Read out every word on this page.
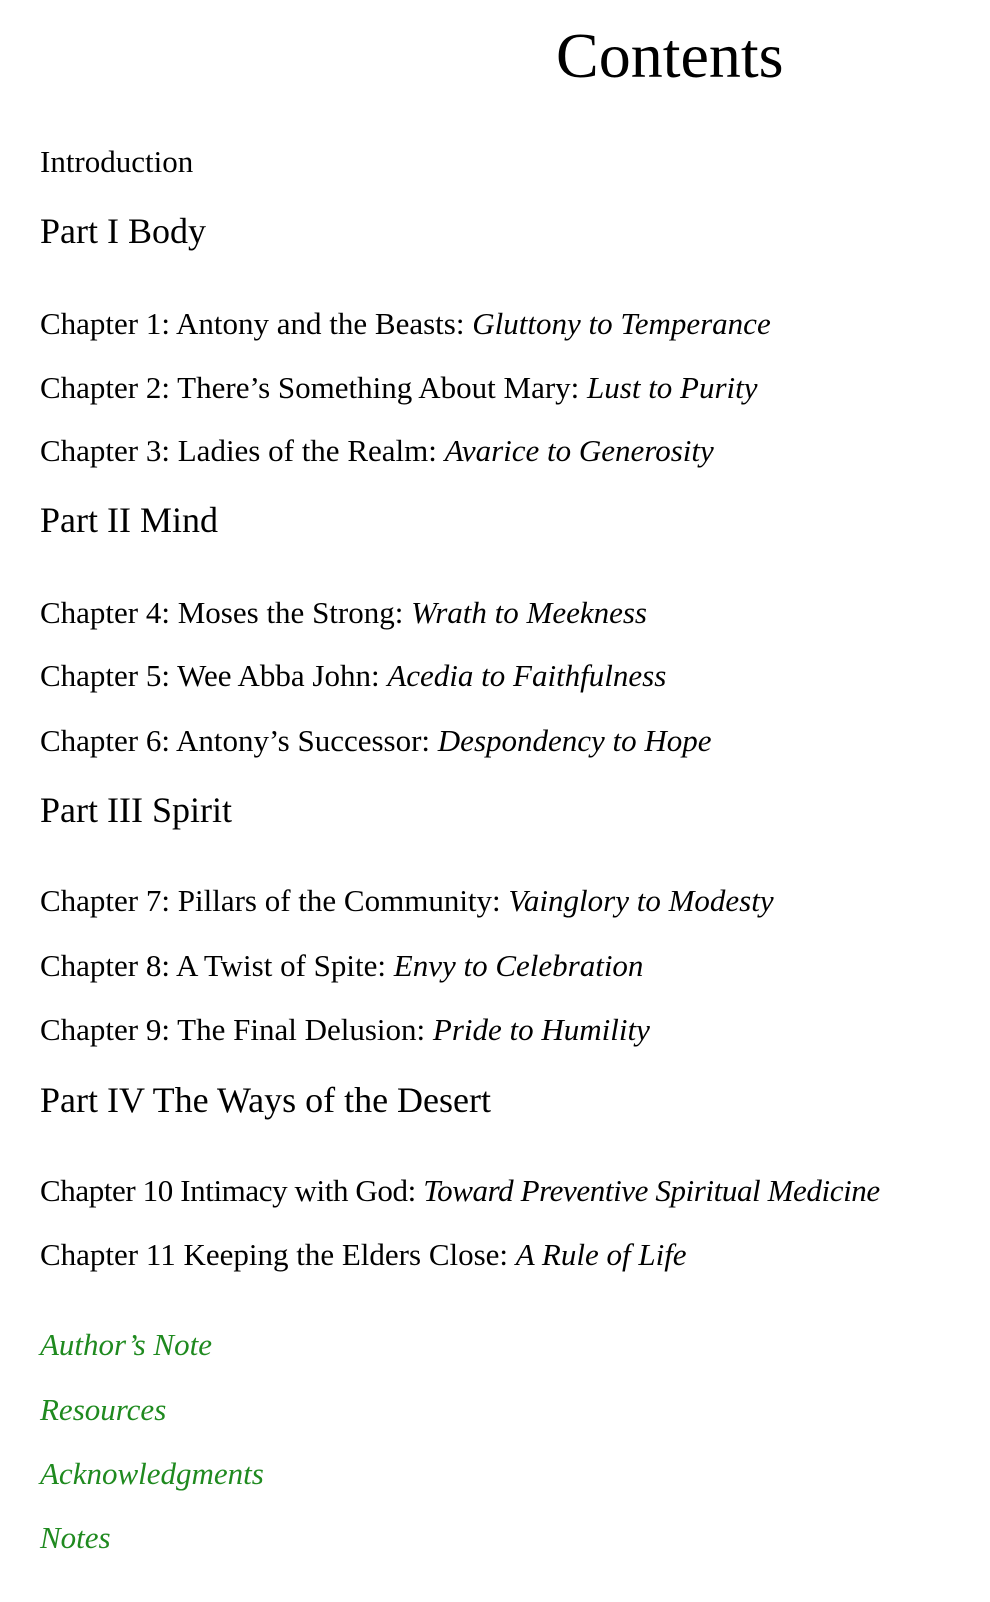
Contents
Introduction
Part I Body
Chapter 1: Antony and the Beasts: Gluttony to Temperance
Chapter 2: There’s Something About Mary: Lust to Purity
Chapter 3: Ladies of the Realm: Avarice to Generosity
Part II Mind
Chapter 4: Moses the Strong: Wrath to Meekness
Chapter 5: Wee Abba John: Acedia to Faithfulness
Chapter 6: Antony’s Successor: Despondency to Hope
Part III Spirit
Chapter 7: Pillars of the Community: Vainglory to Modesty
Chapter 8: A Twist of Spite: Envy to Celebration
Chapter 9: The Final Delusion: Pride to Humility
Part IV The Ways of the Desert
Chapter 10 Intimacy with God: Toward Preventive Spiritual Medicine
Chapter 11 Keeping the Elders Close: A Rule of Life
Author’s Note
Resources
Acknowledgments
Notes
